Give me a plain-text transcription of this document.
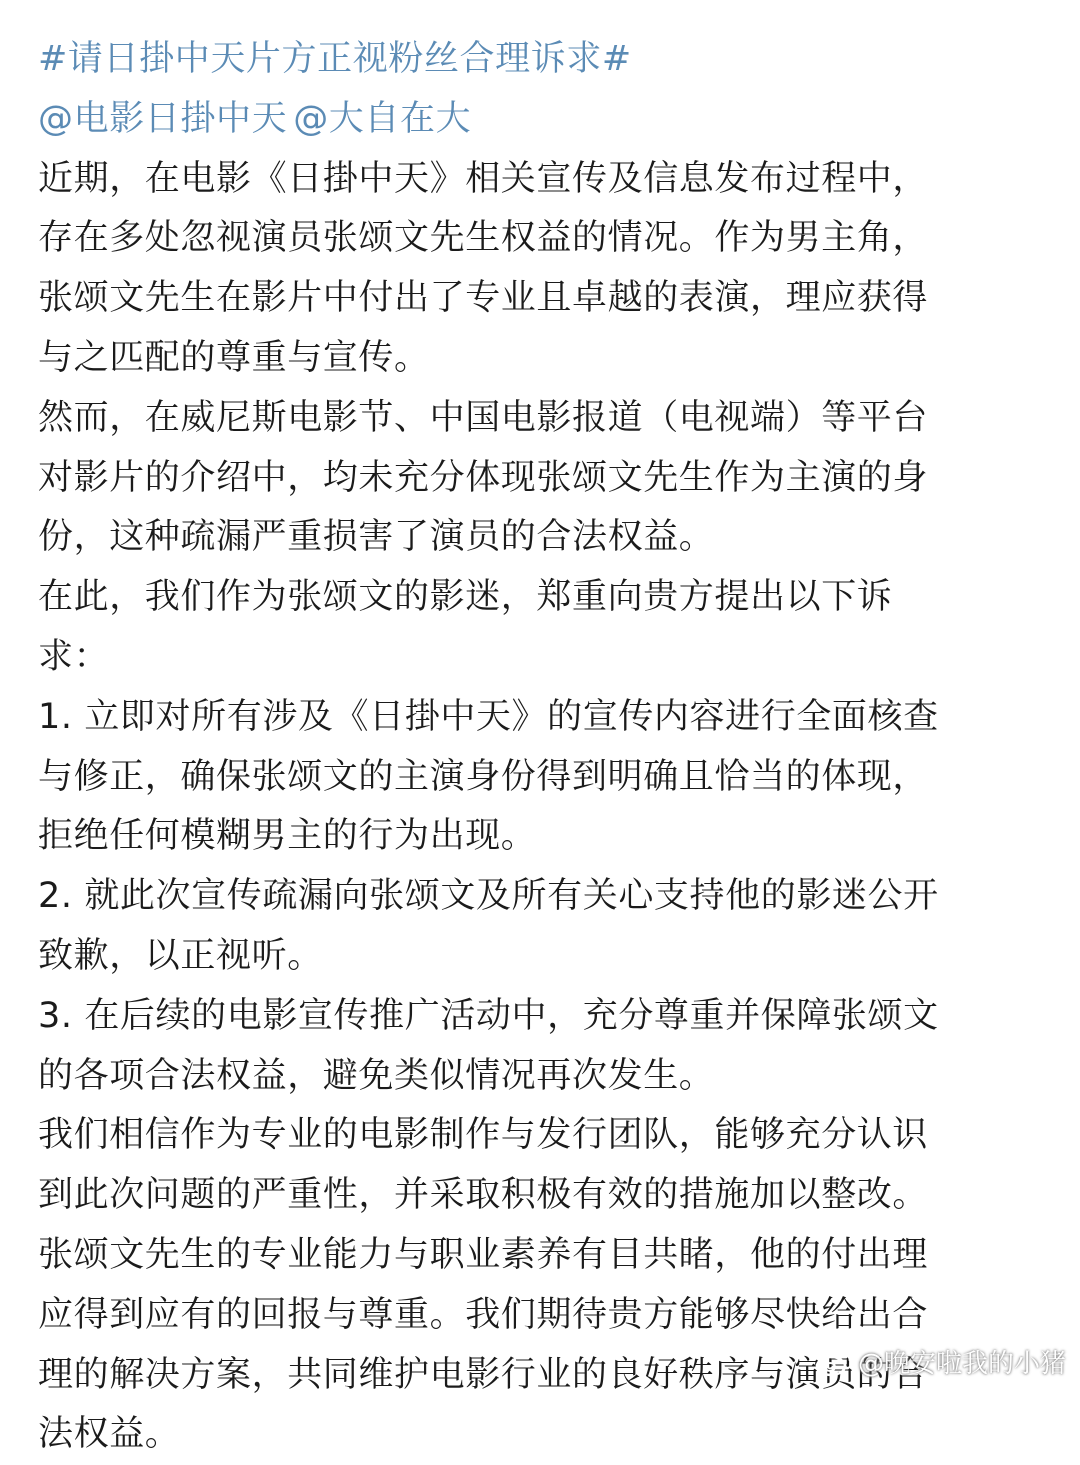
#请日掛中天片方正视粉丝合理诉求#
@电影日掛中天 @大自在大
近期，在电影《日掛中天》相关宣传及信息发布过程中，
存在多处忽视演员张颂文先生权益的情况。作为男主角，
张颂文先生在影片中付出了专业且卓越的表演，理应获得
与之匹配的尊重与宣传。
然而，在威尼斯电影节、中国电影报道（电视端）等平台
对影片的介绍中，均未充分体现张颂文先生作为主演的身
份，这种疏漏严重损害了演员的合法权益。
在此，我们作为张颂文的影迷，郑重向贵方提出以下诉
求：
1. 立即对所有涉及《日掛中天》的宣传内容进行全面核查
与修正，确保张颂文的主演身份得到明确且恰当的体现，
拒绝任何模糊男主的行为出现。
2. 就此次宣传疏漏向张颂文及所有关心支持他的影迷公开
致歉，以正视听。
3. 在后续的电影宣传推广活动中，充分尊重并保障张颂文
的各项合法权益，避免类似情况再次发生。
我们相信作为专业的电影制作与发行团队，能够充分认识
到此次问题的严重性，并采取积极有效的措施加以整改。
张颂文先生的专业能力与职业素养有目共睹，他的付出理
应得到应有的回报与尊重。我们期待贵方能够尽快给出合
理的解决方案，共同维护电影行业的良好秩序与演员的合
法权益。
@晚安啦我的小猪
